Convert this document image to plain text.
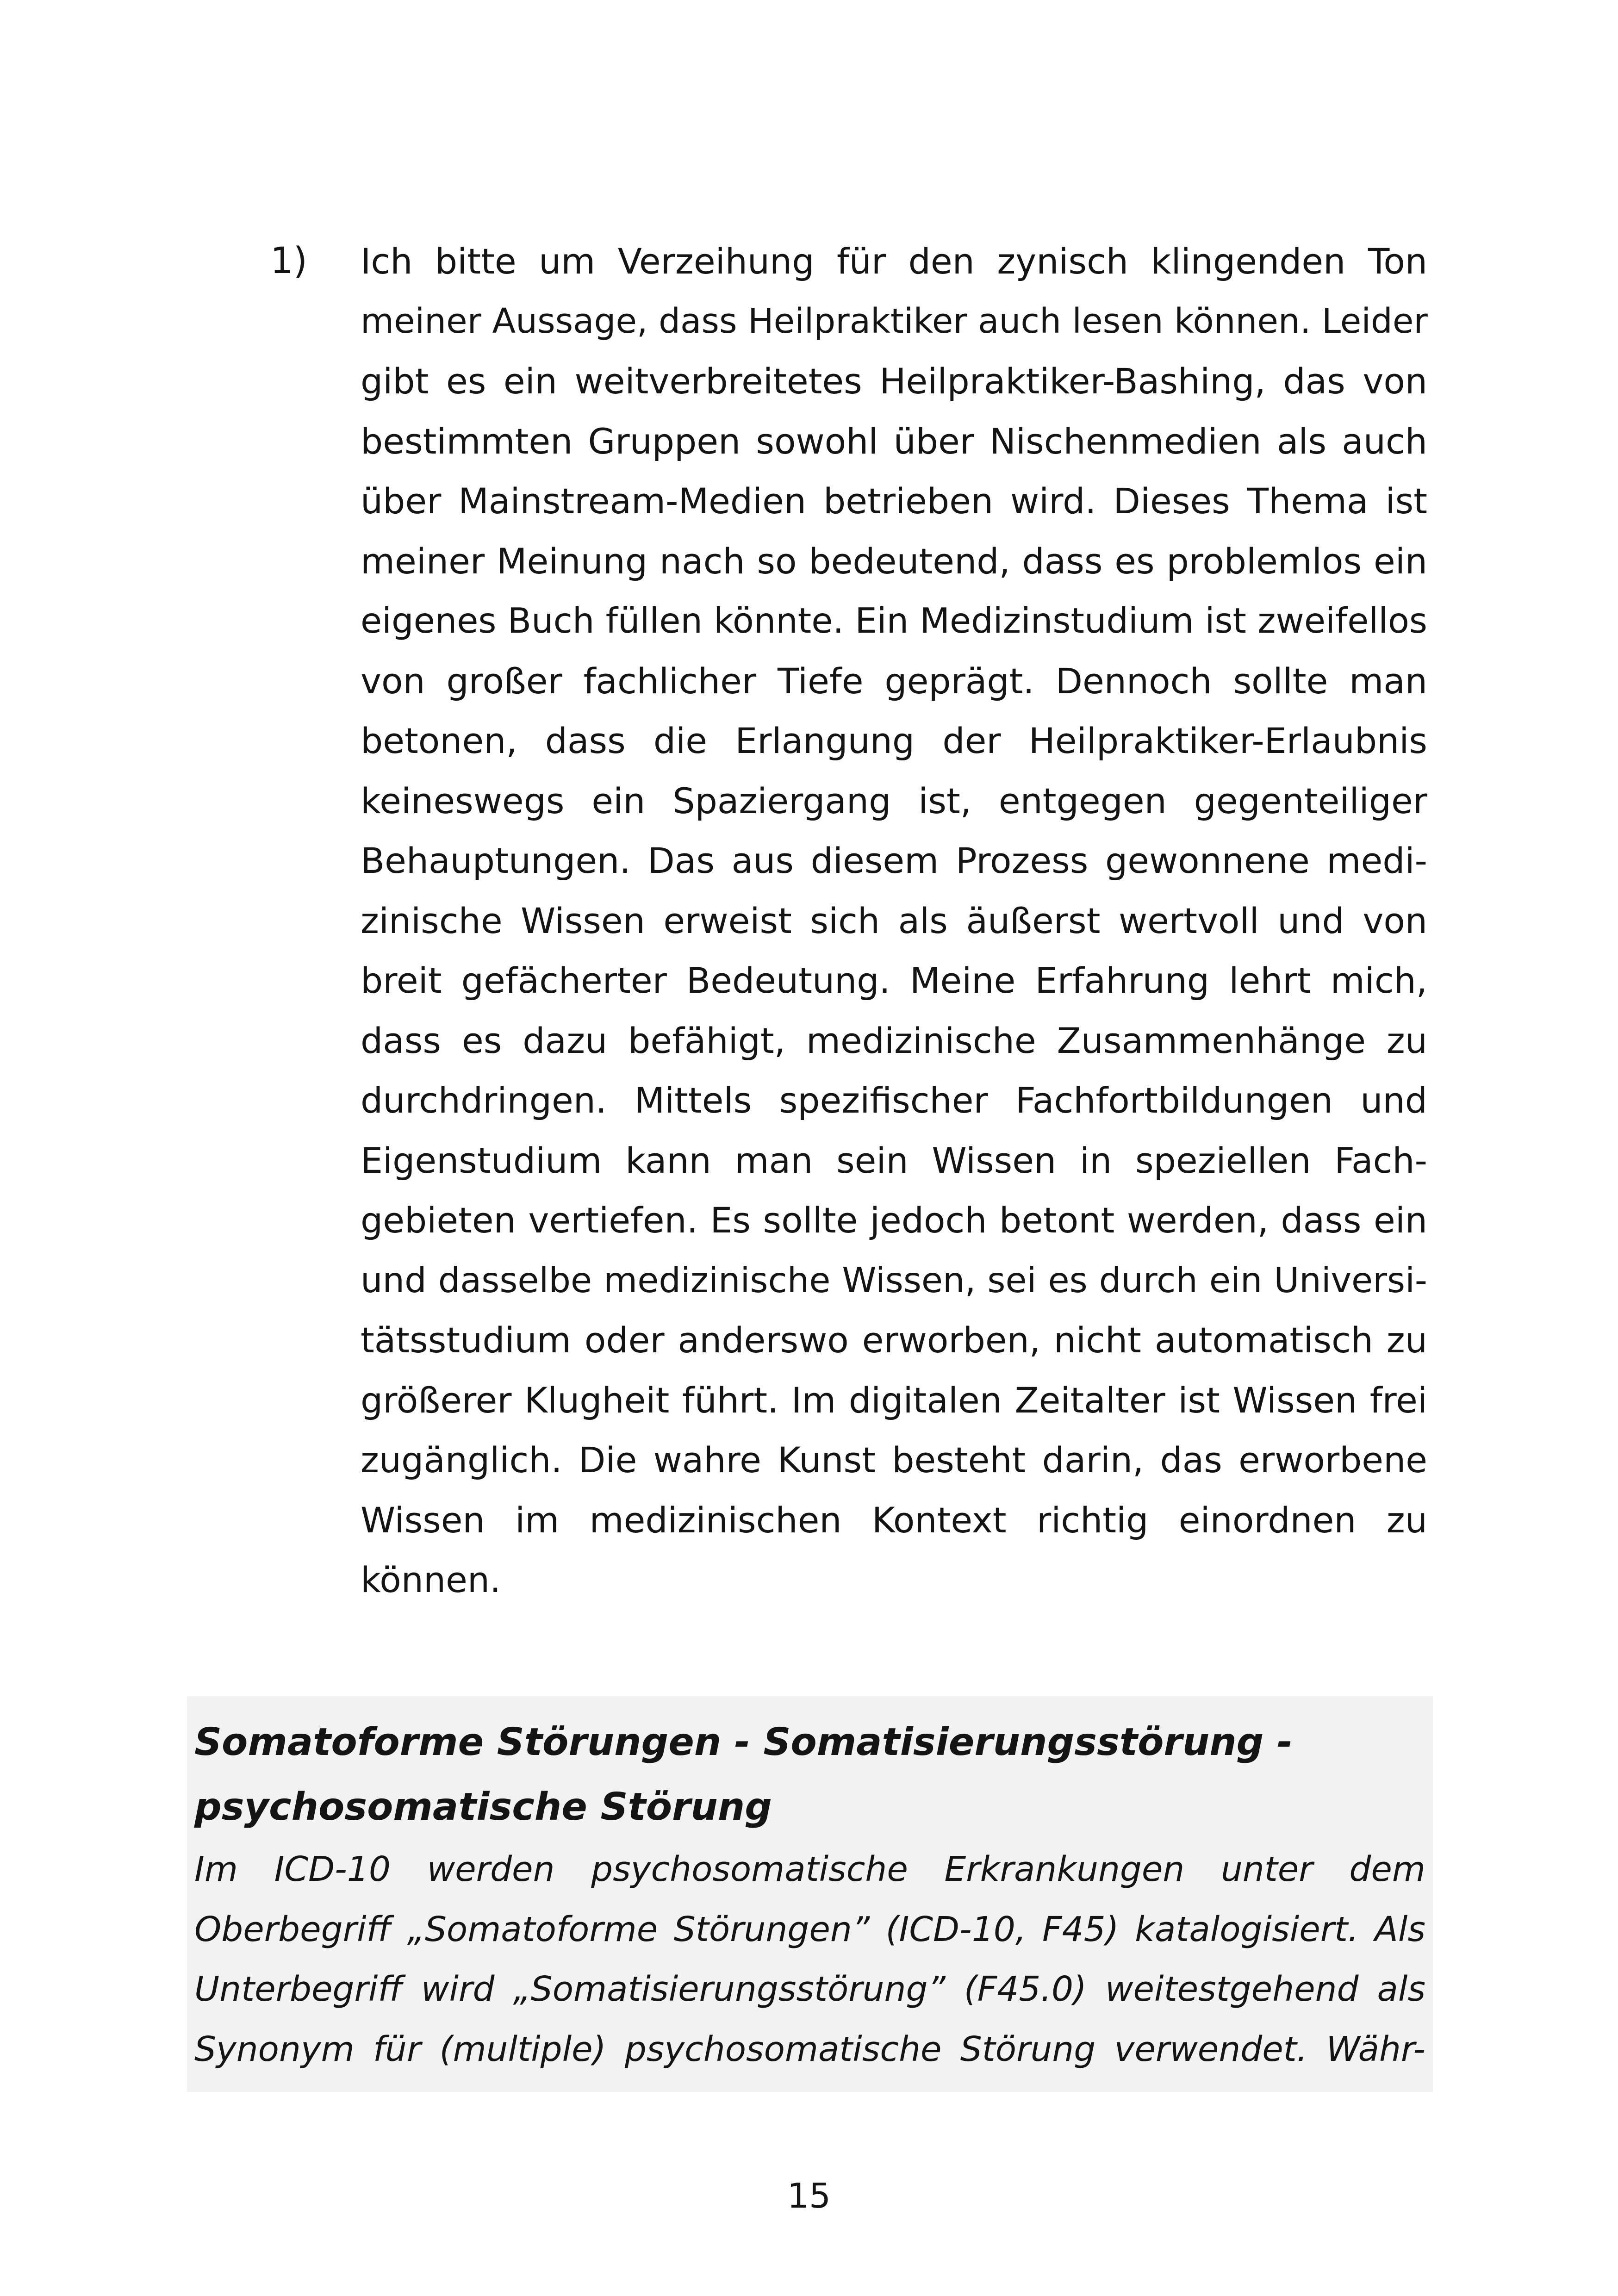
1) Ich bitte um Verzeihung für den zynisch klingenden Ton
meiner Aussage, dass Heilpraktiker auch lesen können. Leider
gibt es ein weitverbreitetes Heilpraktiker-Bashing, das von
bestimmten Gruppen sowohl über Nischenmedien als auch
über Mainstream-Medien betrieben wird. Dieses Thema ist
meiner Meinung nach so bedeutend, dass es problemlos ein
eigenes Buch füllen könnte. Ein Medizinstudium ist zweifellos
von großer fachlicher Tiefe geprägt. Dennoch sollte man
betonen, dass die Erlangung der Heilpraktiker-Erlaubnis
keineswegs ein Spaziergang ist, entgegen gegenteiliger
Behauptungen. Das aus diesem Prozess gewonnene medi-
zinische Wissen erweist sich als äußerst wertvoll und von
breit gefächerter Bedeutung. Meine Erfahrung lehrt mich,
dass es dazu befähigt, medizinische Zusammenhänge zu
durchdringen. Mittels spezifischer Fachfortbildungen und
Eigenstudium kann man sein Wissen in speziellen Fach-
gebieten vertiefen. Es sollte jedoch betont werden, dass ein
und dasselbe medizinische Wissen, sei es durch ein Universi-
tätsstudium oder anderswo erworben, nicht automatisch zu
größerer Klugheit führt. Im digitalen Zeitalter ist Wissen frei
zugänglich. Die wahre Kunst besteht darin, das erworbene
Wissen im medizinischen Kontext richtig einordnen zu
können.
Somatoforme Störungen - Somatisierungsstörung -
psychosomatische Störung
Im ICD-10 werden psychosomatische Erkrankungen unter dem
Oberbegriff „Somatoforme Störungen” (ICD-10, F45) katalogisiert. Als
Unterbegriff wird „Somatisierungsstörung” (F45.0) weitestgehend als
Synonym für (multiple) psychosomatische Störung verwendet. Währ-
15
